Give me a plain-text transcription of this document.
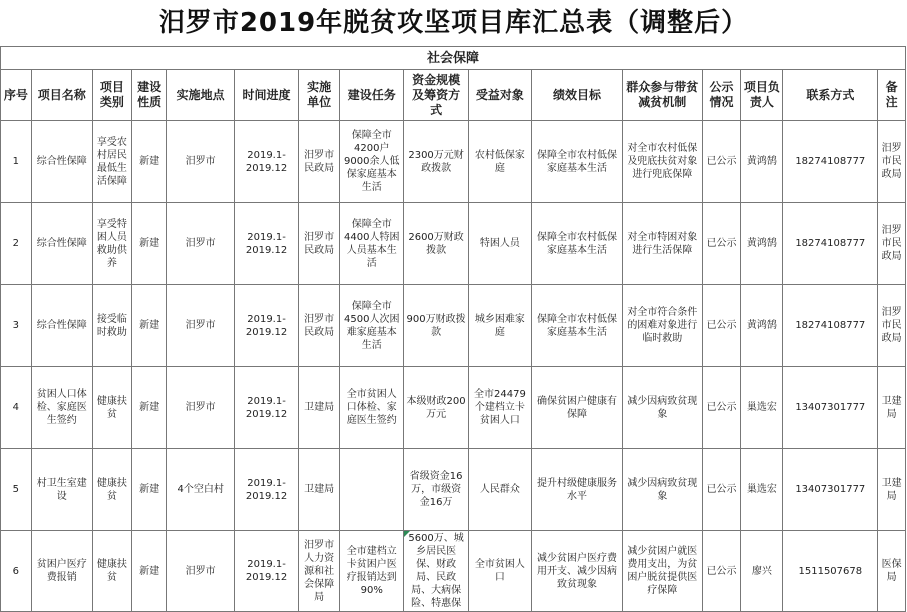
汨罗市2019年脱贫攻坚项目库汇总表（调整后）
社会保障															
序号	项目名称	项目类别	建设性质	实施地点	时间进度	实施单位	建设任务	资金规模及筹资方式	受益对象	绩效目标	群众参与带贫减贫机制	公示情况	项目负责人	联系方式	备注
1	综合性保障	享受农村居民最低生活保障	新建	汨罗市	2019.1-2019.12	汨罗市民政局	保障全市4200户9000余人低保家庭基本生活	2300万元财政拨款	农村低保家庭	保障全市农村低保家庭基本生活	对全市农村低保及兜底扶贫对象进行兜底保障	已公示	黄鸿鹄	18274108777	汨罗市民政局
2	综合性保障	享受特困人员救助供养	新建	汨罗市	2019.1-2019.12	汨罗市民政局	保障全市4400人特困人员基本生活	2600万财政拨款	特困人员	保障全市农村低保家庭基本生活	对全市特困对象进行生活保障	已公示	黄鸿鹄	18274108777	汨罗市民政局
3	综合性保障	接受临时救助	新建	汨罗市	2019.1-2019.12	汨罗市民政局	保障全市4500人次困难家庭基本生活	900万财政拨款	城乡困难家庭	保障全市农村低保家庭基本生活	对全市符合条件的困难对象进行临时救助	已公示	黄鸿鹄	18274108777	汨罗市民政局
4	贫困人口体检、家庭医生签约	健康扶贫	新建	汨罗市	2019.1-2019.12	卫建局	全市贫困人口体检、家庭医生签约	本级财政200万元	全市24479个建档立卡贫困人口	确保贫困户健康有保障	减少因病致贫现象	已公示	巢选宏	13407301777	卫建局
5	村卫生室建设	健康扶贫	新建	4个空白村	2019.1-2019.12	卫建局		省级资金16万，市级资金16万	人民群众	提升村级健康服务水平	减少因病致贫现象	已公示	巢选宏	13407301777	卫建局
6	贫困户医疗费报销	健康扶贫	新建	汨罗市	2019.1-2019.12	汨罗市人力资源和社会保障局	全市建档立卡贫困户医疗报销达到90%	5600万、城乡居民医保、财政局、民政局、大病保险、特惠保	全市贫困人口	减少贫困户医疗费用开支、减少因病致贫现象	减少贫困户就医费用支出，为贫困户脱贫提供医疗保障	已公示	廖兴	1511507678	医保局
